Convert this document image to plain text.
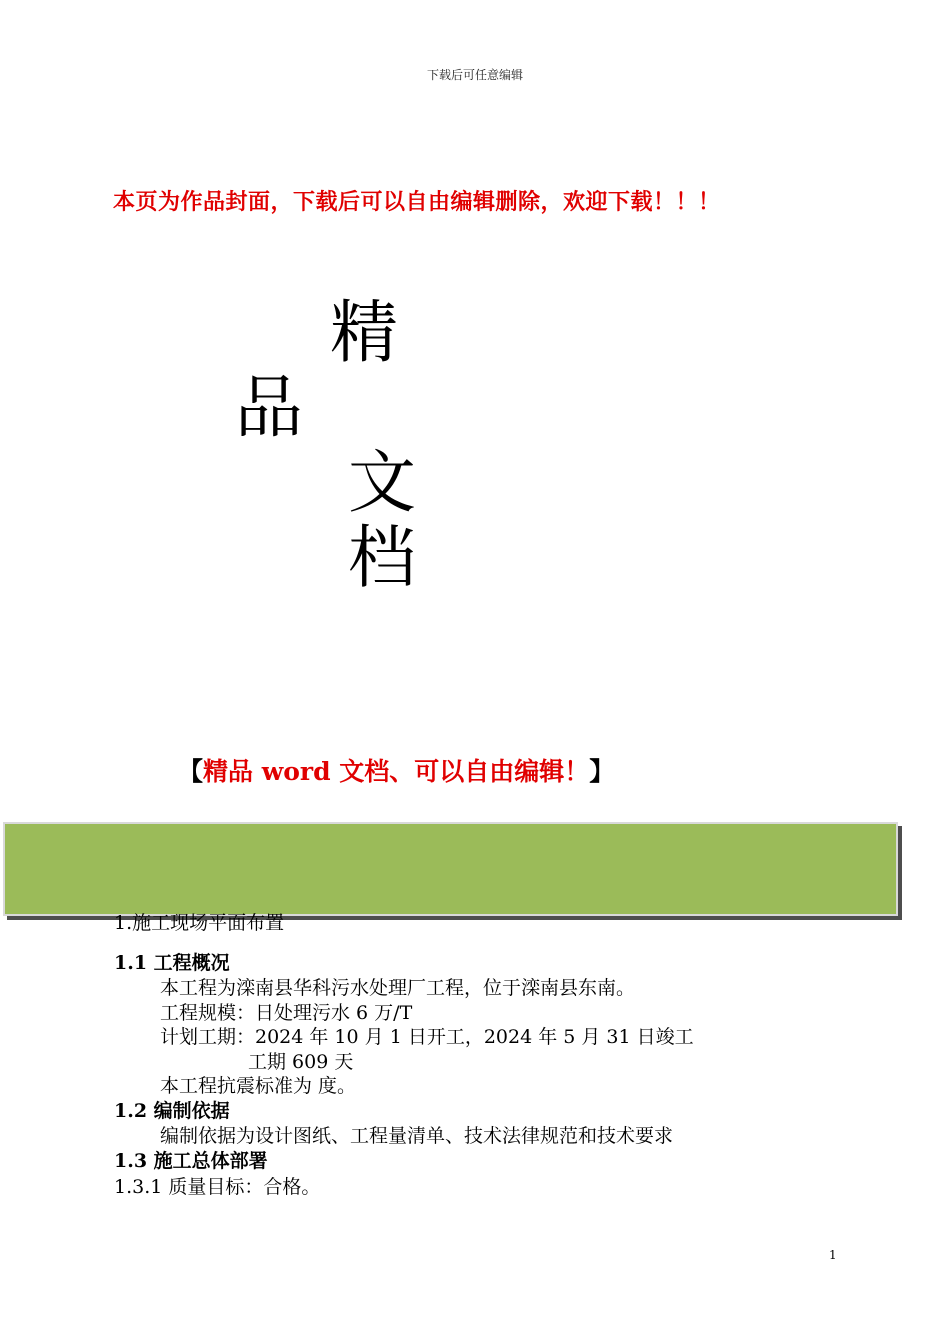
下载后可任意编辑
本页为作品封面，下载后可以自由编辑删除，欢迎下载！！！
精
品
文
档
【精品 word 文档、可以自由编辑！】
1.施工现场平面布置
1.1 工程概况
本工程为滦南县华科污水处理厂工程，位于滦南县东南。
工程规模：日处理污水 6 万/T
计划工期：2024 年 10 月 1 日开工，2024 年 5 月 31 日竣工
工期 609 天
本工程抗震标准为 度。
1.2 编制依据
编制依据为设计图纸、工程量清单、技术法律规范和技术要求
1.3 施工总体部署
1.3.1 质量目标：合格。
1
